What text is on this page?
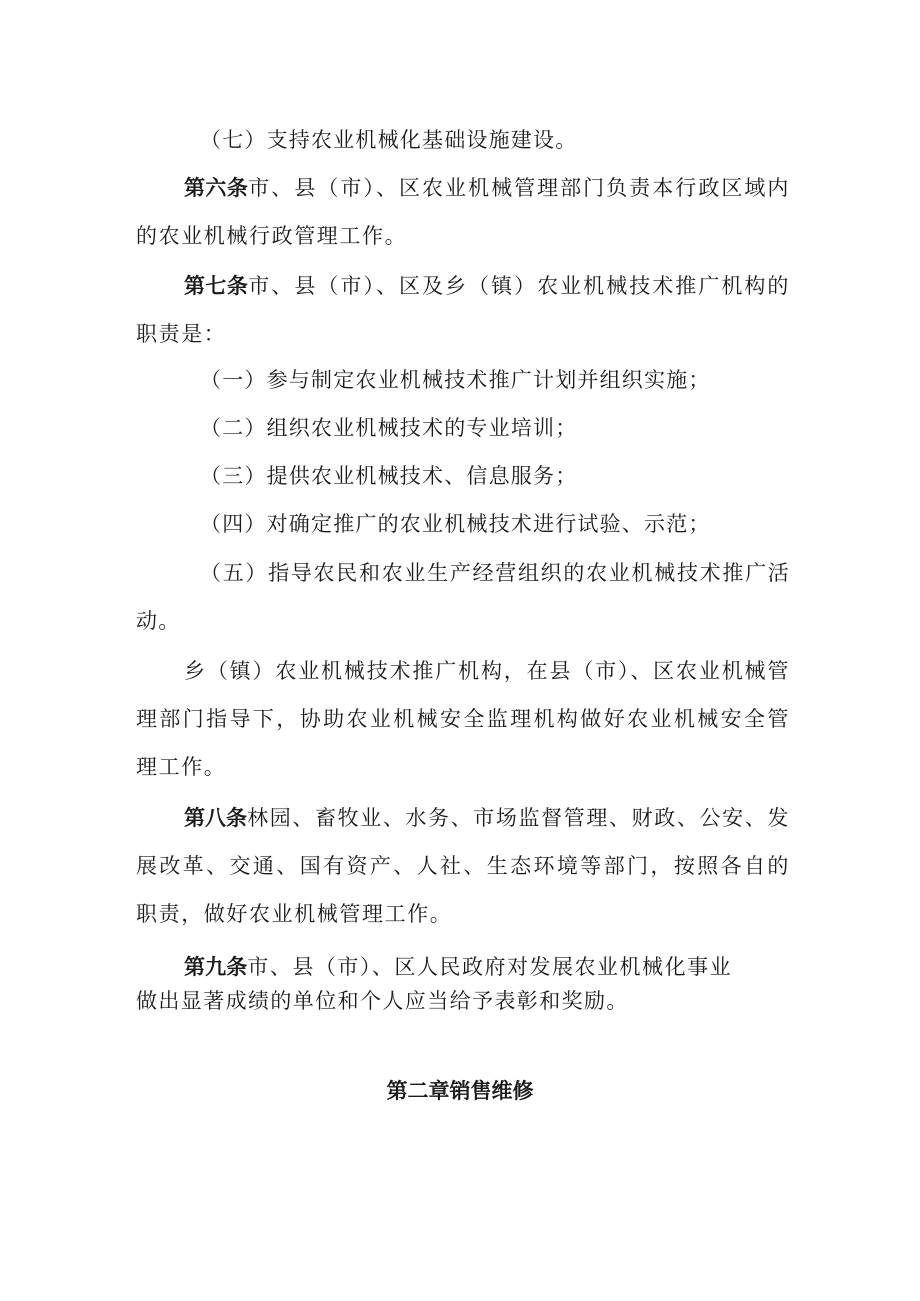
（七）支持农业机械化基础设施建设。

第六条市、县（市）、区农业机械管理部门负责本行政区域内的农业机械行政管理工作。

第七条市、县（市）、区及乡（镇）农业机械技术推广机构的职责是：

（一）参与制定农业机械技术推广计划并组织实施；

（二）组织农业机械技术的专业培训；

（三）提供农业机械技术、信息服务；

（四）对确定推广的农业机械技术进行试验、示范；

（五）指导农民和农业生产经营组织的农业机械技术推广活动。

乡（镇）农业机械技术推广机构，在县（市）、区农业机械管理部门指导下，协助农业机械安全监理机构做好农业机械安全管理工作。

第八条林园、畜牧业、水务、市场监督管理、财政、公安、发展改革、交通、国有资产、人社、生态环境等部门，按照各自的职责，做好农业机械管理工作。

第九条市、县（市）、区人民政府对发展农业机械化事业做出显著成绩的单位和个人应当给予表彰和奖励。

第二章销售维修
